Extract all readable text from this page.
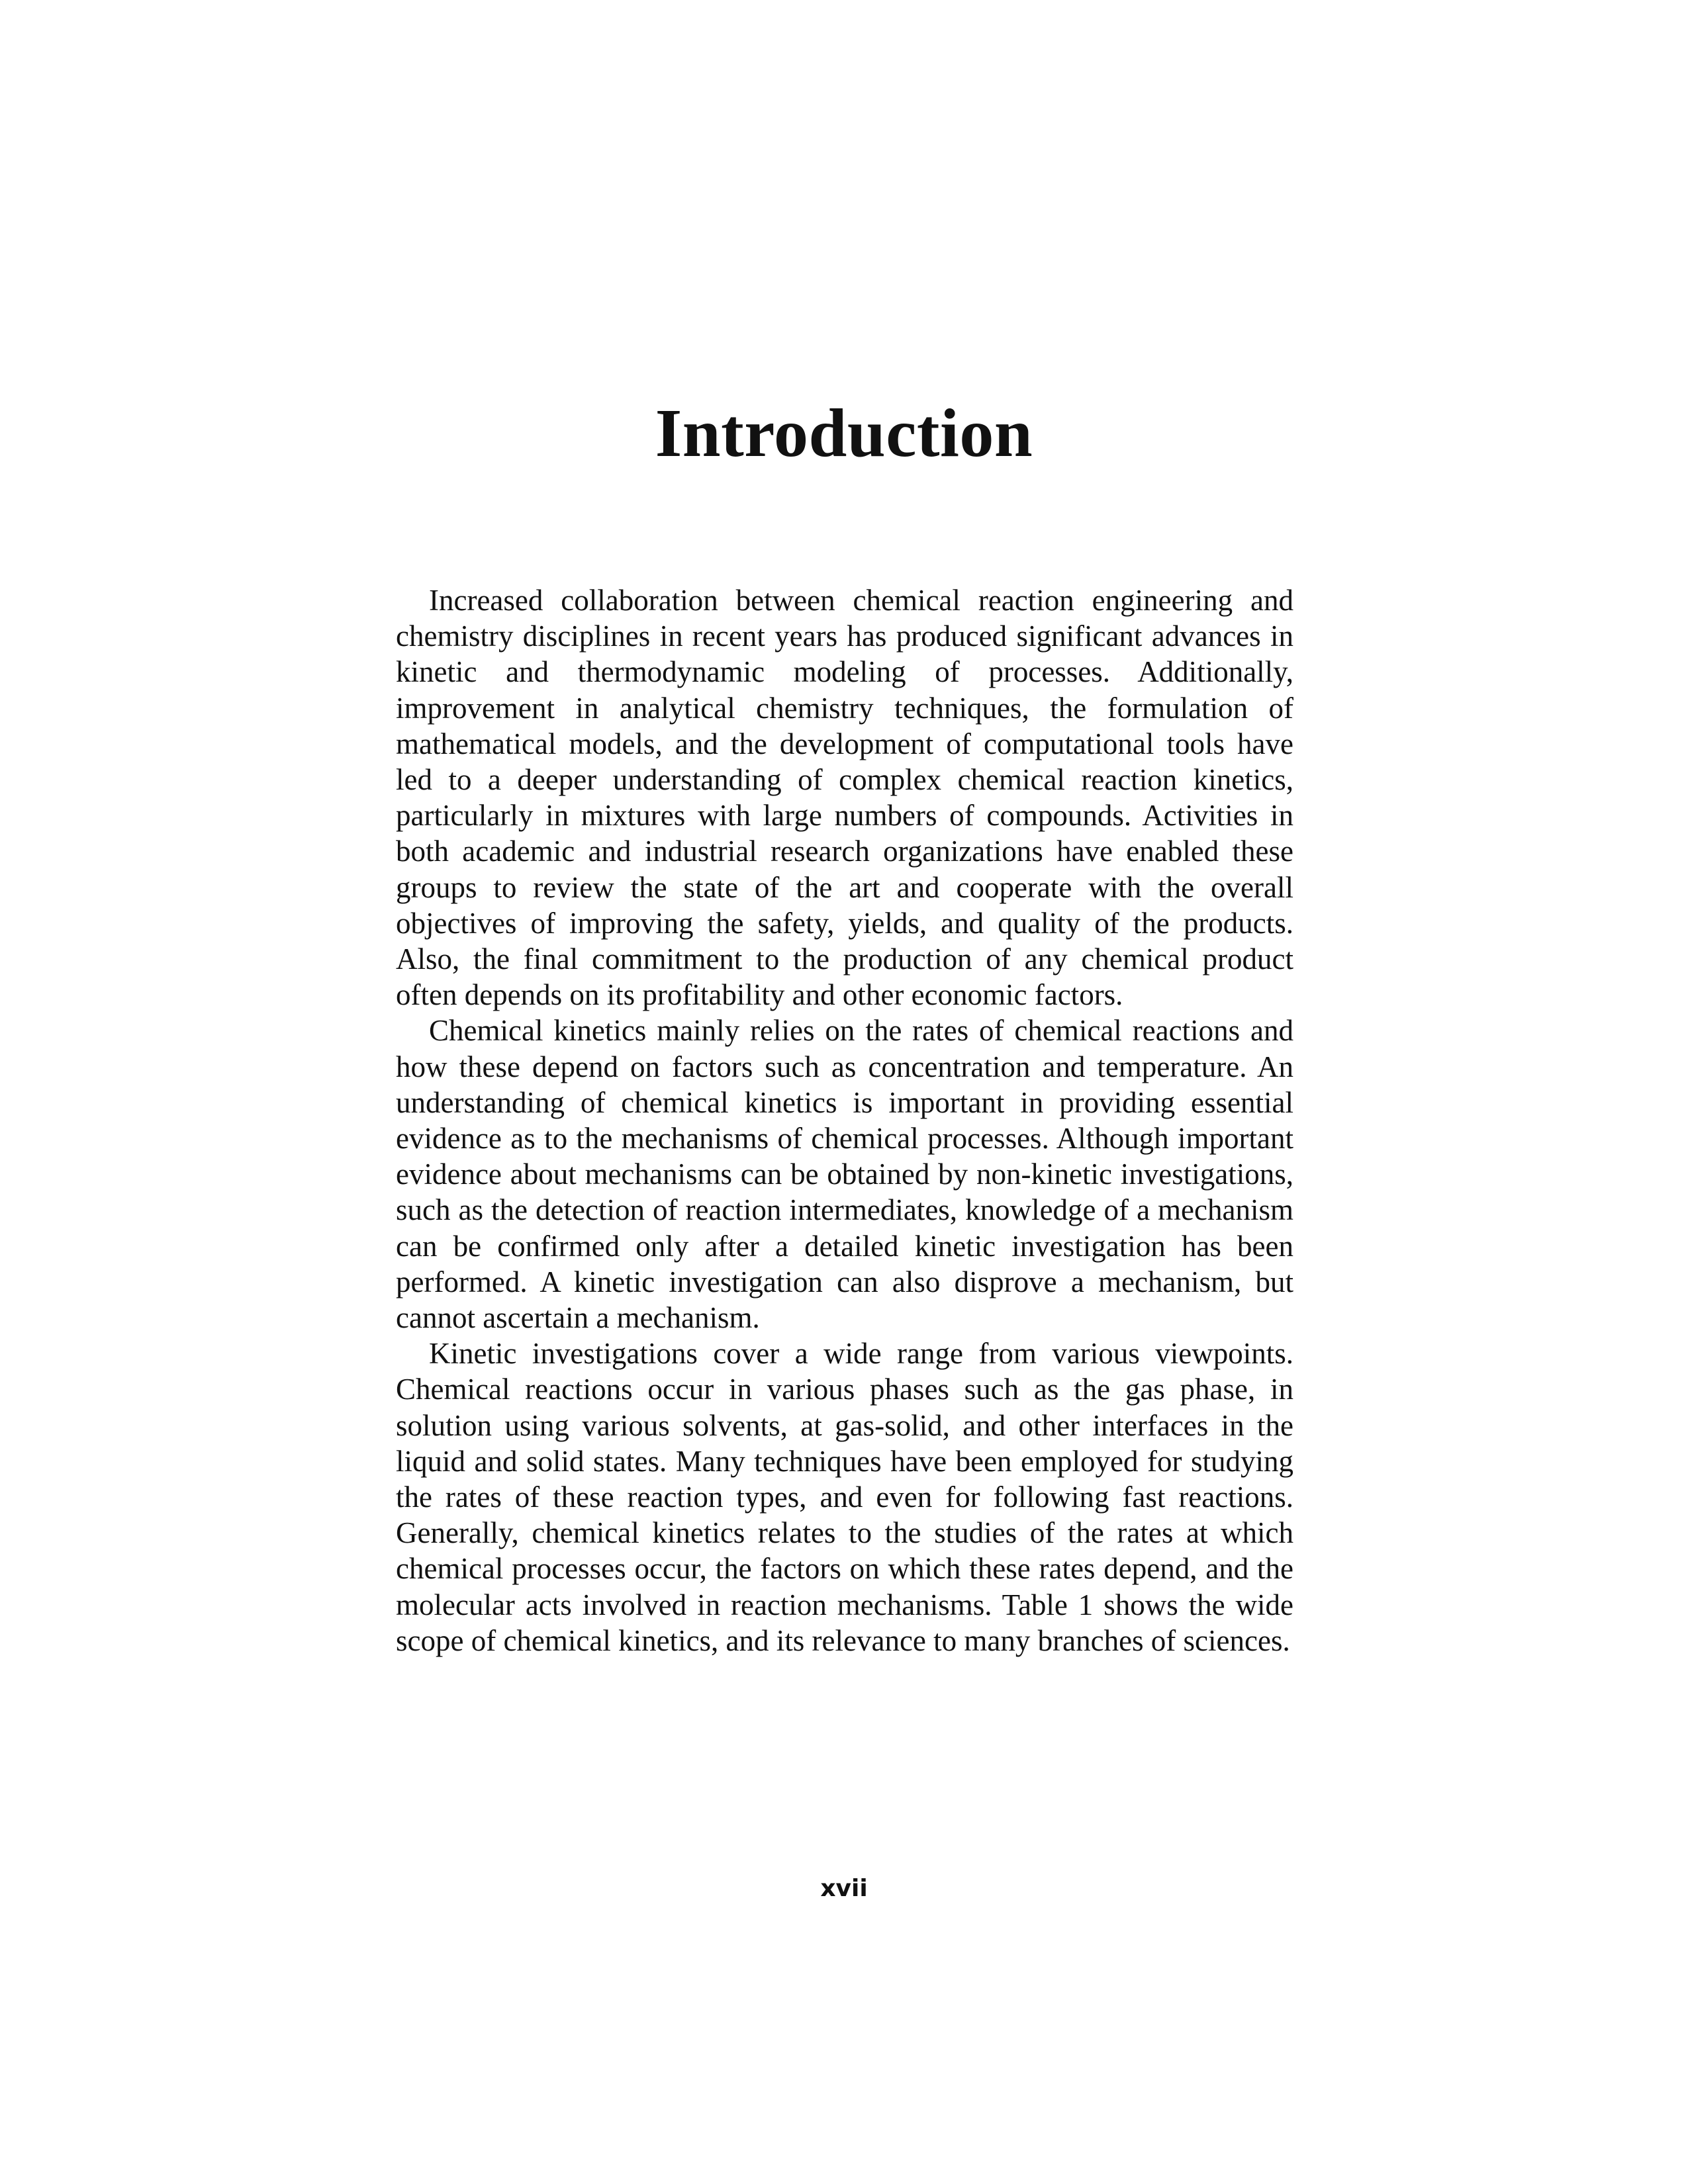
Introduction

Increased collaboration between chemical reaction engineering and chemistry disciplines in recent years has produced significant advances in kinetic and thermodynamic modeling of processes. Additionally, improvement in analytical chemistry techniques, the formulation of mathematical models, and the development of computational tools have led to a deeper understanding of complex chemical reaction kinetics, particularly in mixtures with large numbers of compounds. Activities in both academic and industrial research organizations have enabled these groups to review the state of the art and cooperate with the overall objectives of improving the safety, yields, and quality of the products. Also, the final commitment to the production of any chemical product often depends on its profitability and other economic factors.

Chemical kinetics mainly relies on the rates of chemical reactions and how these depend on factors such as concentration and temperature. An understanding of chemical kinetics is important in providing essential evidence as to the mechanisms of chemical processes. Although important evidence about mechanisms can be obtained by non-kinetic investigations, such as the detection of reaction intermediates, knowledge of a mechanism can be confirmed only after a detailed kinetic investigation has been performed. A kinetic investigation can also disprove a mechanism, but cannot ascertain a mechanism.

Kinetic investigations cover a wide range from various viewpoints. Chemical reactions occur in various phases such as the gas phase, in solution using various solvents, at gas-solid, and other interfaces in the liquid and solid states. Many techniques have been employed for studying the rates of these reaction types, and even for following fast reactions. Generally, chemical kinetics relates to the studies of the rates at which chemical processes occur, the factors on which these rates depend, and the molecular acts involved in reaction mechanisms. Table 1 shows the wide scope of chemical kinetics, and its relevance to many branches of sciences.

xvii
